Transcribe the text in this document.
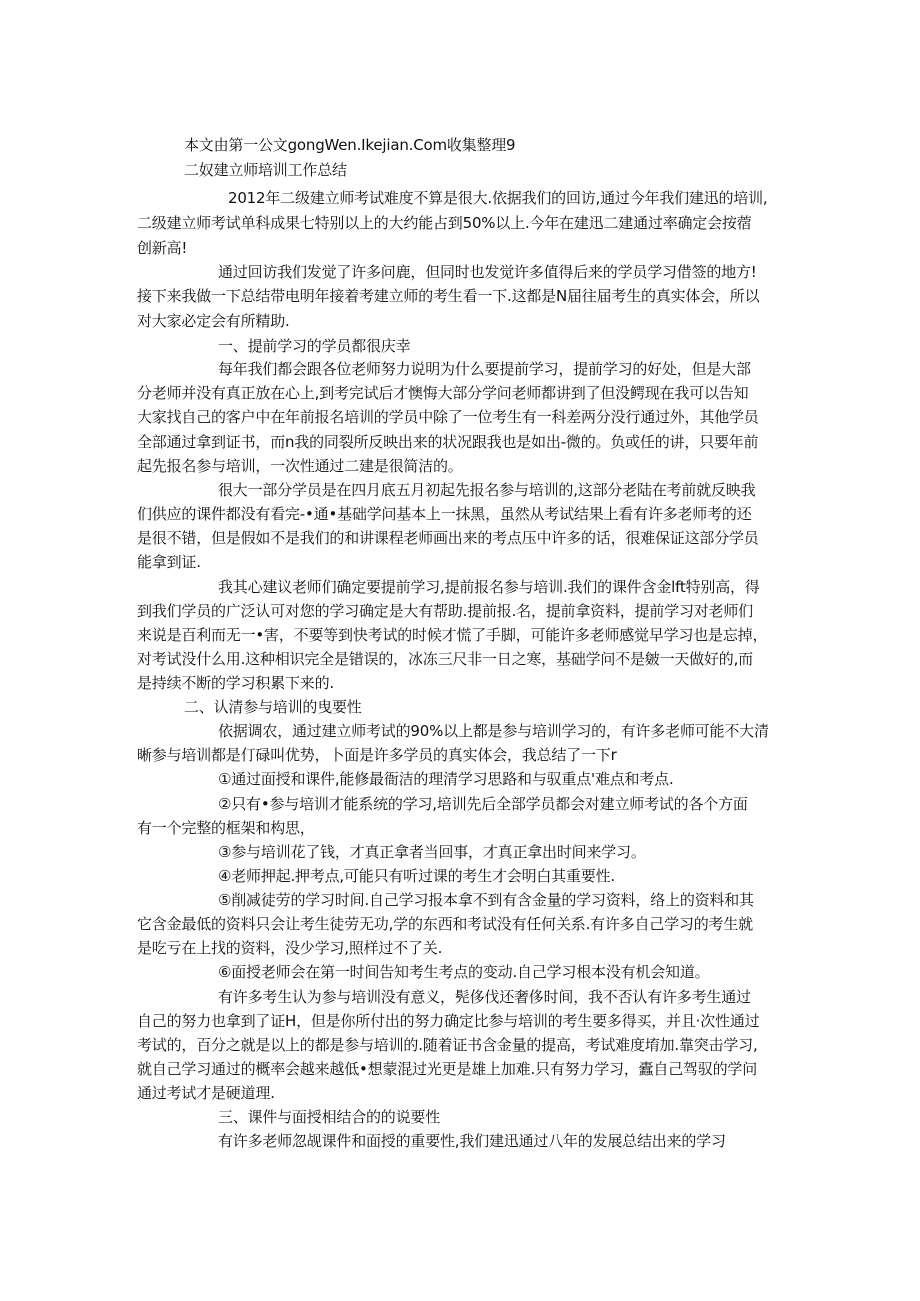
本文由第一公文gongWen.Ikejian.Com收集整理9
二奴建立师培训工作总结
2012年二级建立师考试难度不算是很大.依据我们的回访,通过今年我们建迅的培训,
二级建立师考试单科成果七特别以上的大约能占到50%以上.今年在建迅二建通过率确定会按蓿
创新高!
通过回访我们发觉了许多问鹿，但同时也发觉许多值得后来的学员学习借签的地方!
接下来我做一下总结带电明年接着考建立师的考生看一下.这都是N届往届考生的真实体会，所以
对大家必定会有所精助.
一、提前学习的学员都很庆幸
每年我们都会跟各位老师努力说明为什么要提前学习，提前学习的好处，但是大部
分老师并没有真正放在心上,到考完试后才懊悔大部分学问老师都讲到了但没鳄现在我可以告知
大家找自己的客户中在年前报名培训的学员中除了一位考生有一科差两分没行通过外，其他学员
全部通过拿到证书，而n我的同裂所反映出来的状况跟我也是如出-微的。负或任的讲，只要年前
起先报名参与培训，一次性通过二建是很简洁的。
很大一部分学员是在四月底五月初起先报名参与培训的,这部分老陆在考前就反映我
们供应的课件都没有看完-•通•基础学问基本上一抹黑，虽然从考试结果上看有许多老师考的还
是很不错，但是假如不是我们的和讲课程老师画出来的考点压中许多的话，很难保证这部分学员
能拿到证.
我其心建议老师们确定要提前学习,提前报名参与培训.我们的课件含金lft特别高，得
到我们学员的广泛认可对您的学习确定是大有帮助.提前报.名，提前拿资料，提前学习对老师们
来说是百利而无一•害，不要等到快考试的时候才慌了手脚，可能许多老师感觉早学习也是忘掉，
对考试没什么用.这种相识完全是错误的，冰冻三尺非一日之寒，基础学问不是皴一天做好的,而
是持续不断的学习积累下来的.
二、认清参与培训的曳要性
依据调农，通过建立师考试的90%以上都是参与培训学习的，有许多老师可能不大清
晰参与培训都是仃碌叫优势，卜面是许多学员的真实体会，我总结了一下r
①通过面授和课件,能修最衙洁的理清学习思路和与驭重点'难点和考点.
②只有•参与培训才能系统的学习,培训先后全部学员都会对建立师考试的各个方面
有一个完整的框架和构思，
③参与培训花了钱，才真正拿者当回事，才真正拿出时间来学习。
④老师押起.押考点,可能只有听过课的考生才会明白其重要性.
⑤削减徒劳的学习时间.自己学习报本拿不到有含金量的学习资料，络上的资料和其
它含金最低的资料只会让考生徒劳无功,学的东西和考试没有任何关系.有许多自己学习的考生就
是吃亏在上找的资料，没少学习,照样过不了关.
⑥面授老师会在第一时间告知考生考点的变动.自己学习根本没有机会知道。
有许多考生认为参与培训没有意义，髡侈伐还奢侈时间，我不否认有许多考生通过
自己的努力也拿到了证H，但是你所付出的努力确定比参与培训的考生要多得买，并且·次性通过
考试的，百分之就是以上的都是参与培训的.随着证书含金量的提高，考试难度堉加.靠突击学习,
就自己学习通过的概率会越来越低•想蒙混过光更是雄上加难.只有努力学习，蠹自己驾驭的学问
通过考试才是硬道理.
三、课件与面授相结合的的说要性
有许多老师忽觇课件和面授的重要性,我们建迅通过八年的发展总结出来的学习
